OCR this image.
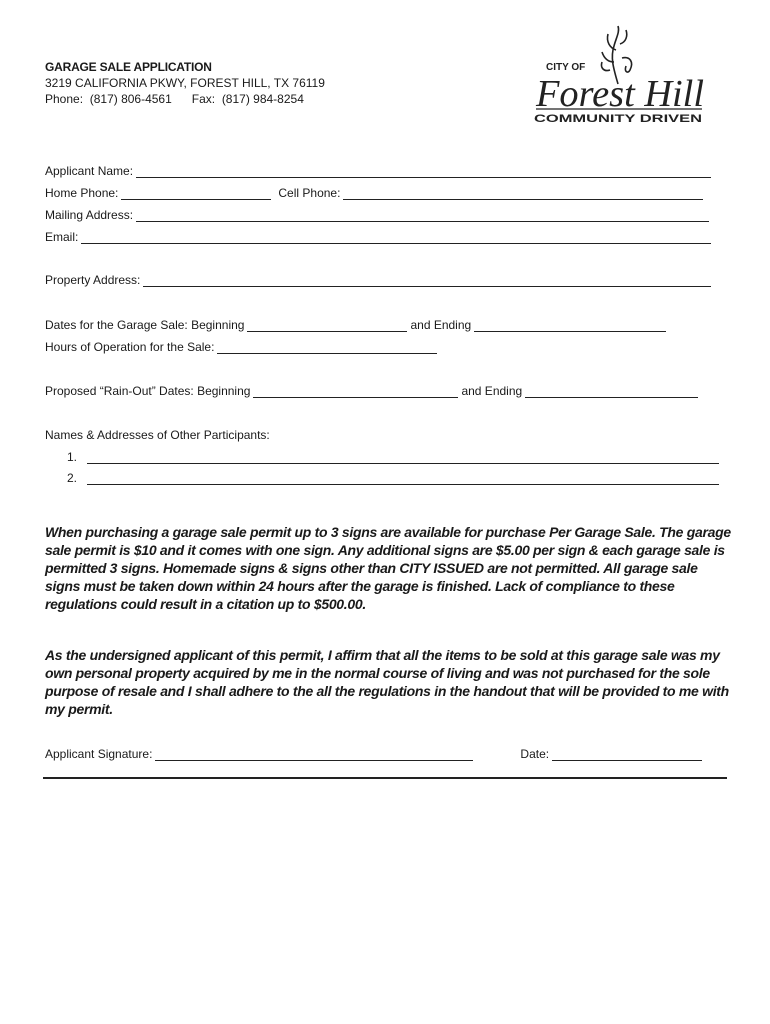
GARAGE SALE APPLICATION
3219 CALIFORNIA PKWY, FOREST HILL, TX 76119
Phone: (817) 806-4561 Fax: (817) 984-8254
CITY OF
Forest Hill
COMMUNITY DRIVEN
Applicant Name:
Home Phone:	Cell Phone:
Mailing Address:
Email:
Property Address:
Dates for the Garage Sale: Beginning	and Ending
Hours of Operation for the Sale:
Proposed “Rain-Out” Dates: Beginning	and Ending
Names & Addresses of Other Participants:
1.
2.
When purchasing a garage sale permit up to 3 signs are available for purchase Per Garage Sale. The garage sale permit is $10 and it comes with one sign. Any additional signs are $5.00 per sign & each garage sale is permitted 3 signs. Homemade signs & signs other than CITY ISSUED are not permitted. All garage sale signs must be taken down within 24 hours after the garage is finished. Lack of compliance to these regulations could result in a citation up to $500.00.
As the undersigned applicant of this permit, I affirm that all the items to be sold at this garage sale was my own personal property acquired by me in the normal course of living and was not purchased for the sole purpose of resale and I shall adhere to the all the regulations in the handout that will be provided to me with my permit.
Applicant Signature:	Date:
